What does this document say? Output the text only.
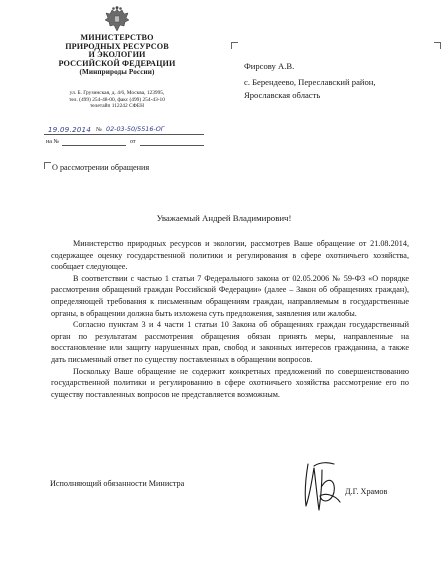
МИНИСТЕРСТВО
ПРИРОДНЫХ РЕСУРСОВ
И ЭКОЛОГИИ
РОССИЙСКОЙ ФЕДЕРАЦИИ
(Минприроды России)
ул. Б. Грузинская, д. 4/6, Москва, 123995,
тел. (499) 254-48-00, факс (499) 254-43-10
телетайп 112242 СФЕН
19.09.2014 № 02-03-50/5516-ОГ
на №	от
О рассмотрении обращения
Фирсову А.В.
с. Берендеево, Переславский район,
Ярославская область
Уважаемый Андрей Владимирович!

Министерство природных ресурсов и экологии, рассмотрев Ваше обращение от 21.08.2014, содержащее оценку государственной политики и регулирования в сфере охотничьего хозяйства, сообщает следующее.

В соответствии с частью 1 статьи 7 Федерального закона от 02.05.2006 № 59-ФЗ «О порядке рассмотрения обращений граждан Российской Федерации» (далее – Закон об обращениях граждан), определяющей требования к письменным обращениям граждан, направляемым в государственные органы, в обращении должна быть изложена суть предложения, заявления или жалобы.

Согласно пунктам 3 и 4 части 1 статьи 10 Закона об обращениях граждан государственный орган по результатам рассмотрения обращения обязан принять меры, направленные на восстановление или защиту нарушенных прав, свобод и законных интересов гражданина, а также дать письменный ответ по существу поставленных в обращении вопросов.

Поскольку Ваше обращение не содержит конкретных предложений по совершенствованию государственной политики и регулированию в сфере охотничьего хозяйства рассмотрение его по существу поставленных вопросов не представляется возможным.

Исполняющий обязанности Министра
Д.Г. Храмов
